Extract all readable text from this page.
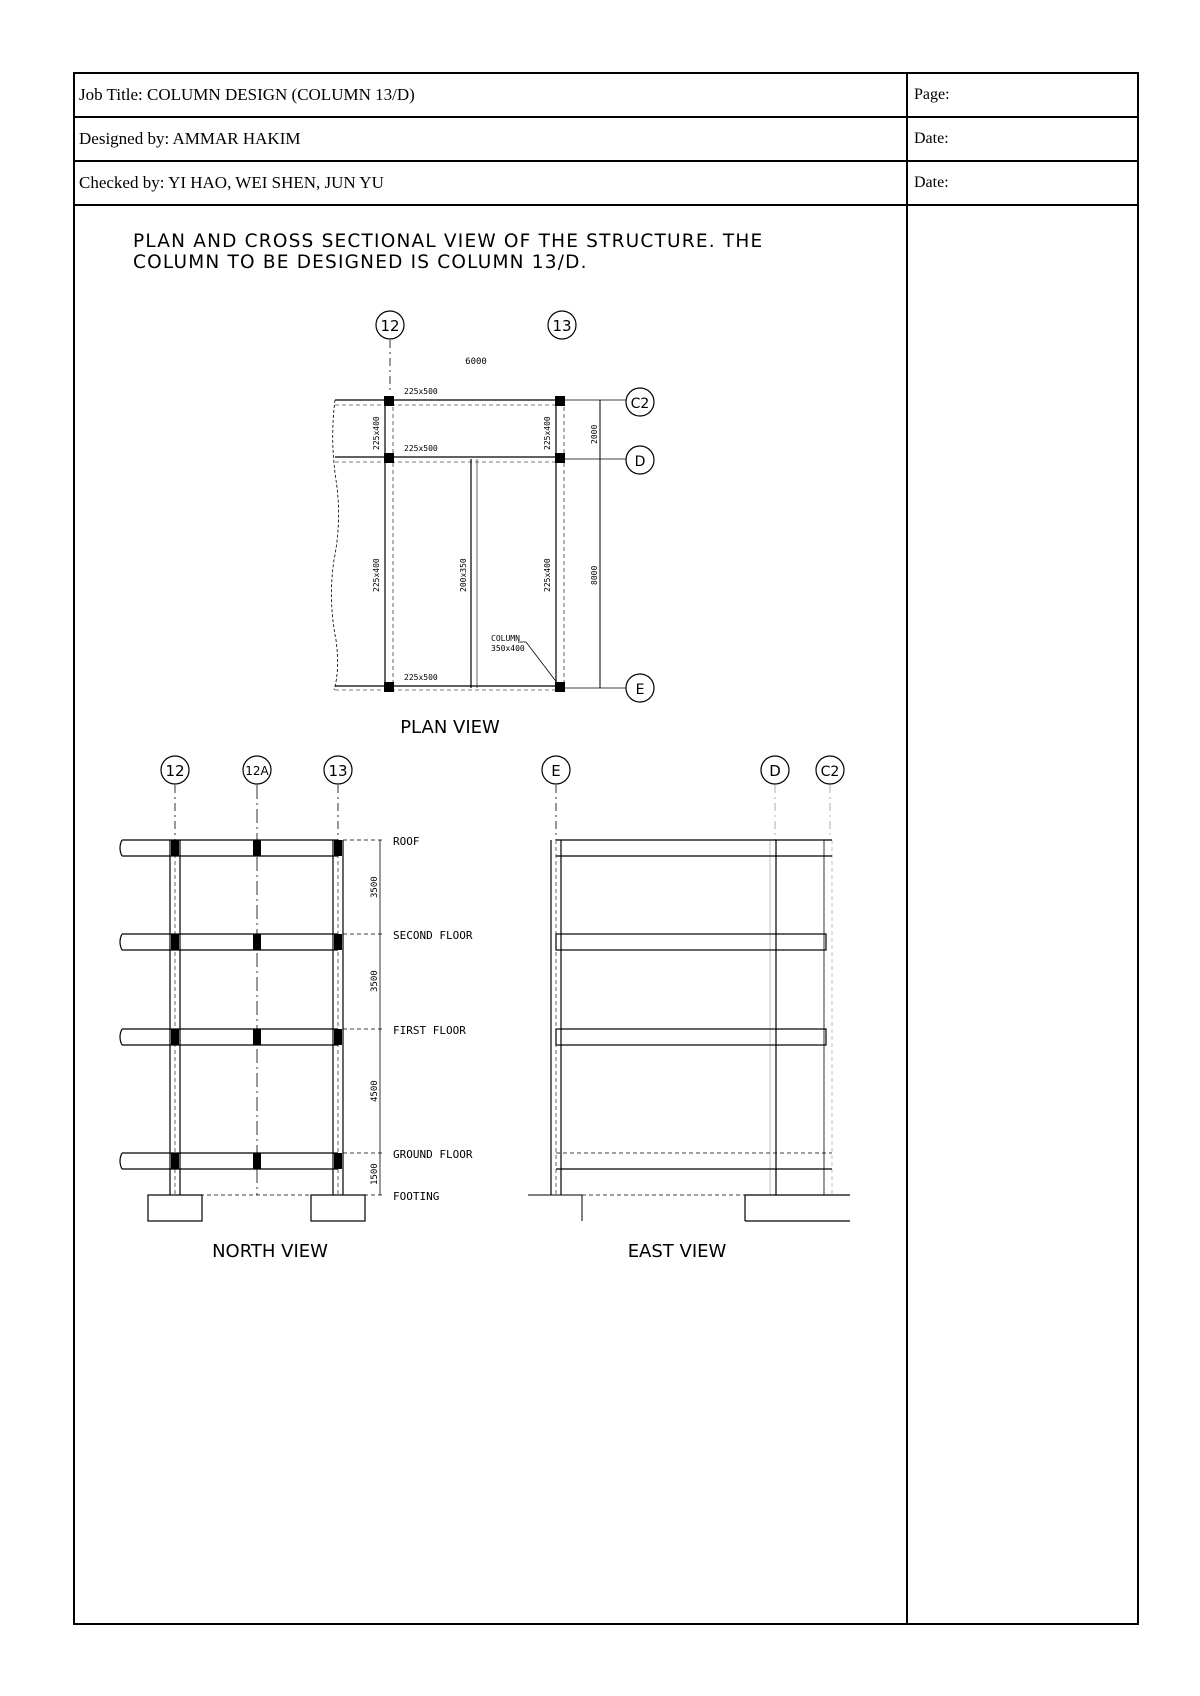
Job Title: COLUMN DESIGN (COLUMN 13/D)	Page:
Designed by: AMMAR HAKIM	Date:
Checked by: YI HAO, WEI SHEN, JUN YU	Date:
PLAN AND CROSS SECTIONAL VIEW OF THE STRUCTURE. THE
COLUMN TO BE DESIGNED IS COLUMN 13/D.
12	13
6000
225x500
225x500
225x500
225x400	225x400
225x400	200x350	225x400
2000
8000
COLUMN
350x400
C2
D
E
PLAN VIEW
12	12A	13
3500
3500
4500
1500
ROOF
SECOND FLOOR
FIRST FLOOR
GROUND FLOOR
FOOTING
NORTH VIEW
E	D	C2
EAST VIEW
